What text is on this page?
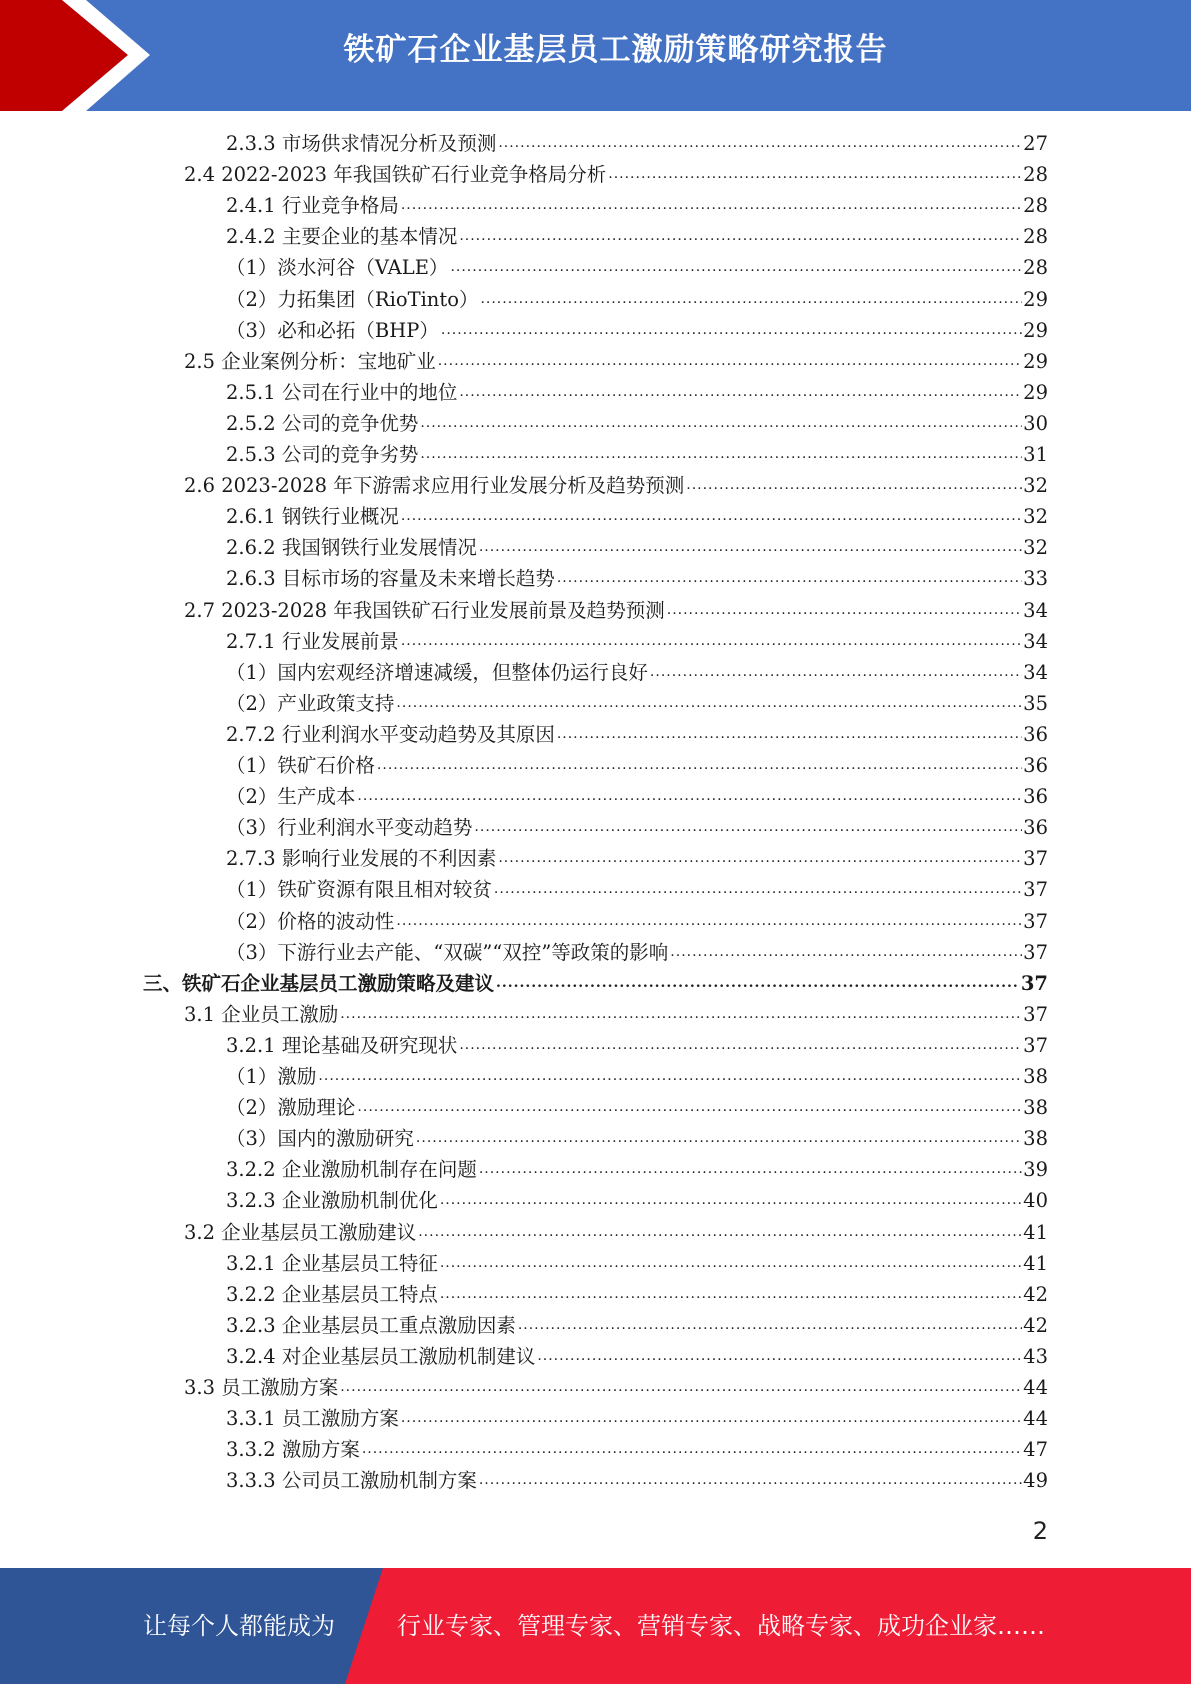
铁矿石企业基层员工激励策略研究报告
2.3.3 市场供求情况分析及预测 .....	27
2.4 2022-2023 年我国铁矿石行业竞争格局分析 .....	28
2.4.1 行业竞争格局 .....	28
2.4.2 主要企业的基本情况 .....	28
（1）淡水河谷（VALE） .....	28
（2）力拓集团（RioTinto） .....	29
（3）必和必拓（BHP） .....	29
2.5 企业案例分析：宝地矿业 .....	29
2.5.1 公司在行业中的地位 .....	29
2.5.2 公司的竞争优势 .....	30
2.5.3 公司的竞争劣势 .....	31
2.6 2023-2028 年下游需求应用行业发展分析及趋势预测 .....	32
2.6.1 钢铁行业概况 .....	32
2.6.2 我国钢铁行业发展情况 .....	32
2.6.3 目标市场的容量及未来增长趋势 .....	33
2.7 2023-2028 年我国铁矿石行业发展前景及趋势预测 .....	34
2.7.1 行业发展前景 .....	34
（1）国内宏观经济增速减缓，但整体仍运行良好 .....	34
（2）产业政策支持 .....	35
2.7.2 行业利润水平变动趋势及其原因 .....	36
（1）铁矿石价格 .....	36
（2）生产成本 .....	36
（3）行业利润水平变动趋势 .....	36
2.7.3 影响行业发展的不利因素 .....	37
（1）铁矿资源有限且相对较贫 .....	37
（2）价格的波动性 .....	37
（3）下游行业去产能、“双碳”“双控”等政策的影响 .....	37
三、铁矿石企业基层员工激励策略及建议 .....	37
3.1 企业员工激励 .....	37
3.2.1 理论基础及研究现状 .....	37
（1）激励 .....	38
（2）激励理论 .....	38
（3）国内的激励研究 .....	38
3.2.2 企业激励机制存在问题 .....	39
3.2.3 企业激励机制优化 .....	40
3.2 企业基层员工激励建议 .....	41
3.2.1 企业基层员工特征 .....	41
3.2.2 企业基层员工特点 .....	42
3.2.3 企业基层员工重点激励因素 .....	42
3.2.4 对企业基层员工激励机制建议 .....	43
3.3 员工激励方案 .....	44
3.3.1 员工激励方案 .....	44
3.3.2 激励方案 .....	47
3.3.3 公司员工激励机制方案 .....	49
2
让每个人都能成为	行业专家、管理专家、营销专家、战略专家、成功企业家……
